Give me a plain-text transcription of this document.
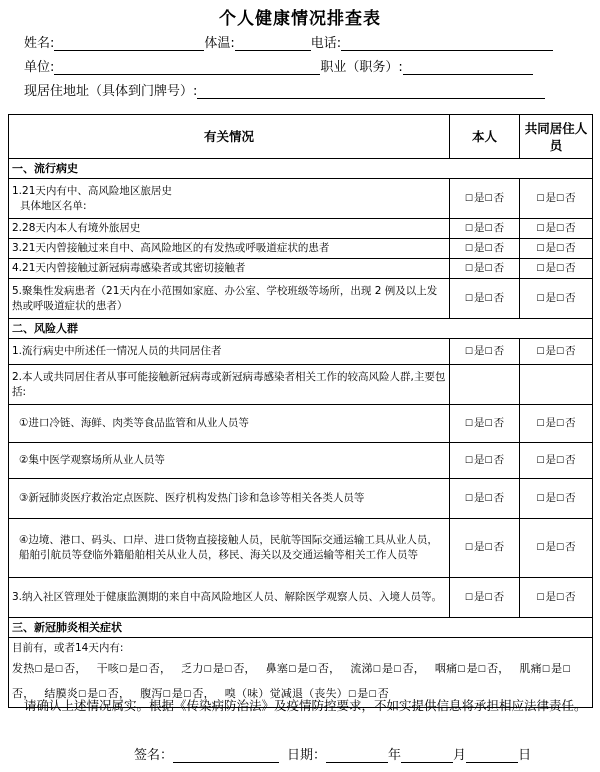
个人健康情况排查表
姓名:	体温:	电话:
单位:	职业（职务）:
现居住地址（具体到门牌号）:
有关情况	本人	共同居住人员
一、流行病史		

1.21天内有中、高风险地区旅居史
具体地区名单:	☐是☐否	☐是☐否
2.28天内本人有境外旅居史	☐是☐否	☐是☐否
3.21天内曾接触过来自中、高风险地区的有发热或呼吸道症状的患者	☐是☐否	☐是☐否
4.21天内曾接触过新冠病毒感染者或其密切接触者	☐是☐否	☐是☐否
5.聚集性发病患者（21天内在小范围如家庭、办公室、学校班级等场所，出现 2 例及以上发热或呼吸道症状的患者）	☐是☐否	☐是☐否
二、风险人群		
1.流行病史中所述任一情况人员的共同居住者	☐是☐否	☐是☐否
2.本人或共同居住者从事可能接触新冠病毒或新冠病毒感染者相关工作的较高风险人群,主要包括:		
①进口冷链、海鲜、肉类等食品监管和从业人员等	☐是☐否	☐是☐否
②集中医学观察场所从业人员等	☐是☐否	☐是☐否
③新冠肺炎医疗救治定点医院、医疗机构发热门诊和急诊等相关各类人员等	☐是☐否	☐是☐否
④边境、港口、码头、口岸、进口货物直接接触人员，民航等国际交通运输工具从业人员，船舶引航员等登临外籍船舶相关从业人员，移民、海关以及交通运输等相关工作人员等	☐是☐否	☐是☐否
3.纳入社区管理处于健康监测期的来自中高风险地区人员、解除医学观察人员、入境人员等。	☐是☐否	☐是☐否
三、新冠肺炎相关症状		

目前有，或者14天内有:
发热☐是☐否， 干咳☐是☐否， 乏力☐是☐否， 鼻塞☐是☐否， 流涕☐是☐否， 咽痛☐是☐否， 肌痛☐是☐否， 结膜炎☐是☐否， 腹泻☐是☐否， 嗅（味）觉减退（丧失）☐是☐否		
请确认上述情况属实。根据《传染病防治法》及疫情防控要求，不如实提供信息将承担相应法律责任。
签名：	日期：	年	月	日
